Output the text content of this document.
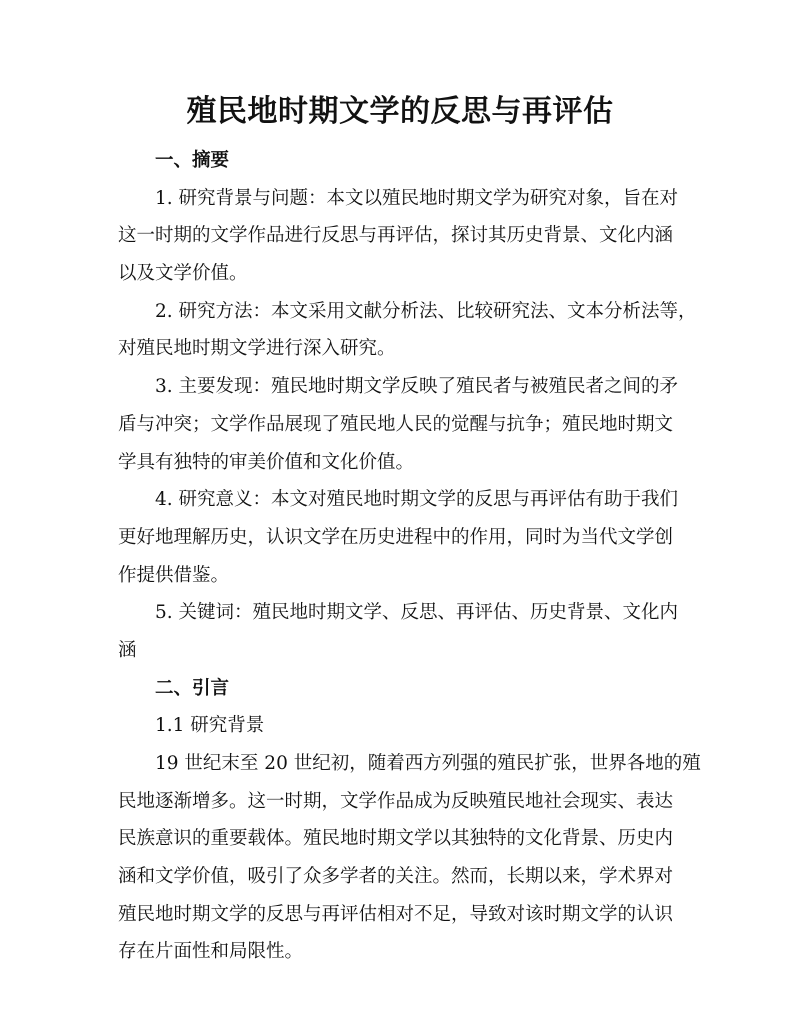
殖民地时期文学的反思与再评估
一、摘要
1. 研究背景与问题：本文以殖民地时期文学为研究对象，旨在对
这一时期的文学作品进行反思与再评估，探讨其历史背景、文化内涵
以及文学价值。
2. 研究方法：本文采用文献分析法、比较研究法、文本分析法等，
对殖民地时期文学进行深入研究。
3. 主要发现：殖民地时期文学反映了殖民者与被殖民者之间的矛
盾与冲突；文学作品展现了殖民地人民的觉醒与抗争；殖民地时期文
学具有独特的审美价值和文化价值。
4. 研究意义：本文对殖民地时期文学的反思与再评估有助于我们
更好地理解历史，认识文学在历史进程中的作用，同时为当代文学创
作提供借鉴。
5. 关键词：殖民地时期文学、反思、再评估、历史背景、文化内
涵
二、引言
1.1 研究背景
19 世纪末至 20 世纪初，随着西方列强的殖民扩张，世界各地的殖
民地逐渐增多。这一时期，文学作品成为反映殖民地社会现实、表达
民族意识的重要载体。殖民地时期文学以其独特的文化背景、历史内
涵和文学价值，吸引了众多学者的关注。然而，长期以来，学术界对
殖民地时期文学的反思与再评估相对不足，导致对该时期文学的认识
存在片面性和局限性。
